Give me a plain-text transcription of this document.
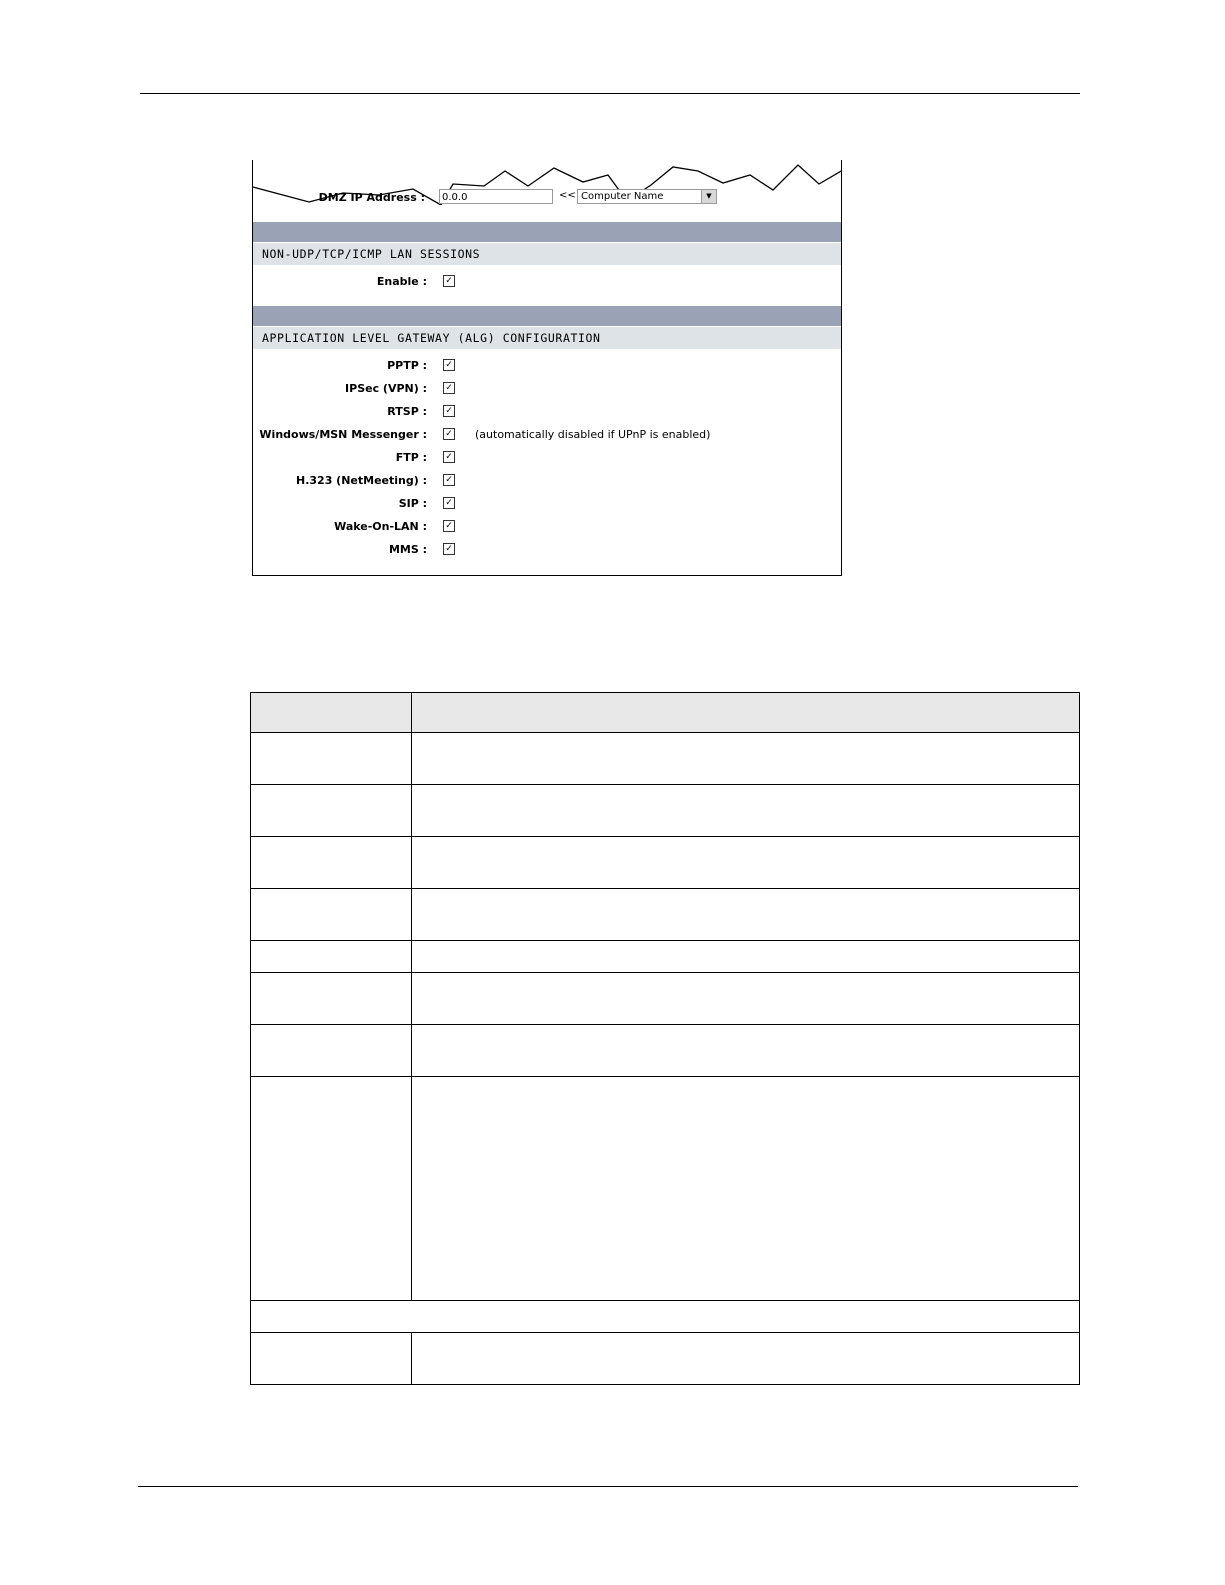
DMZ IP Address :	0.0.0	<< Computer Name	▼
NON-UDP/TCP/ICMP LAN SESSIONS
Enable : ✓
APPLICATION LEVEL GATEWAY (ALG) CONFIGURATION
PPTP : ✓
IPSec (VPN) : ✓
RTSP : ✓
Windows/MSN Messenger : ✓ (automatically disabled if UPnP is enabled)
FTP : ✓
H.323 (NetMeeting) : ✓
SIP : ✓
Wake-On-LAN : ✓
MMS : ✓
